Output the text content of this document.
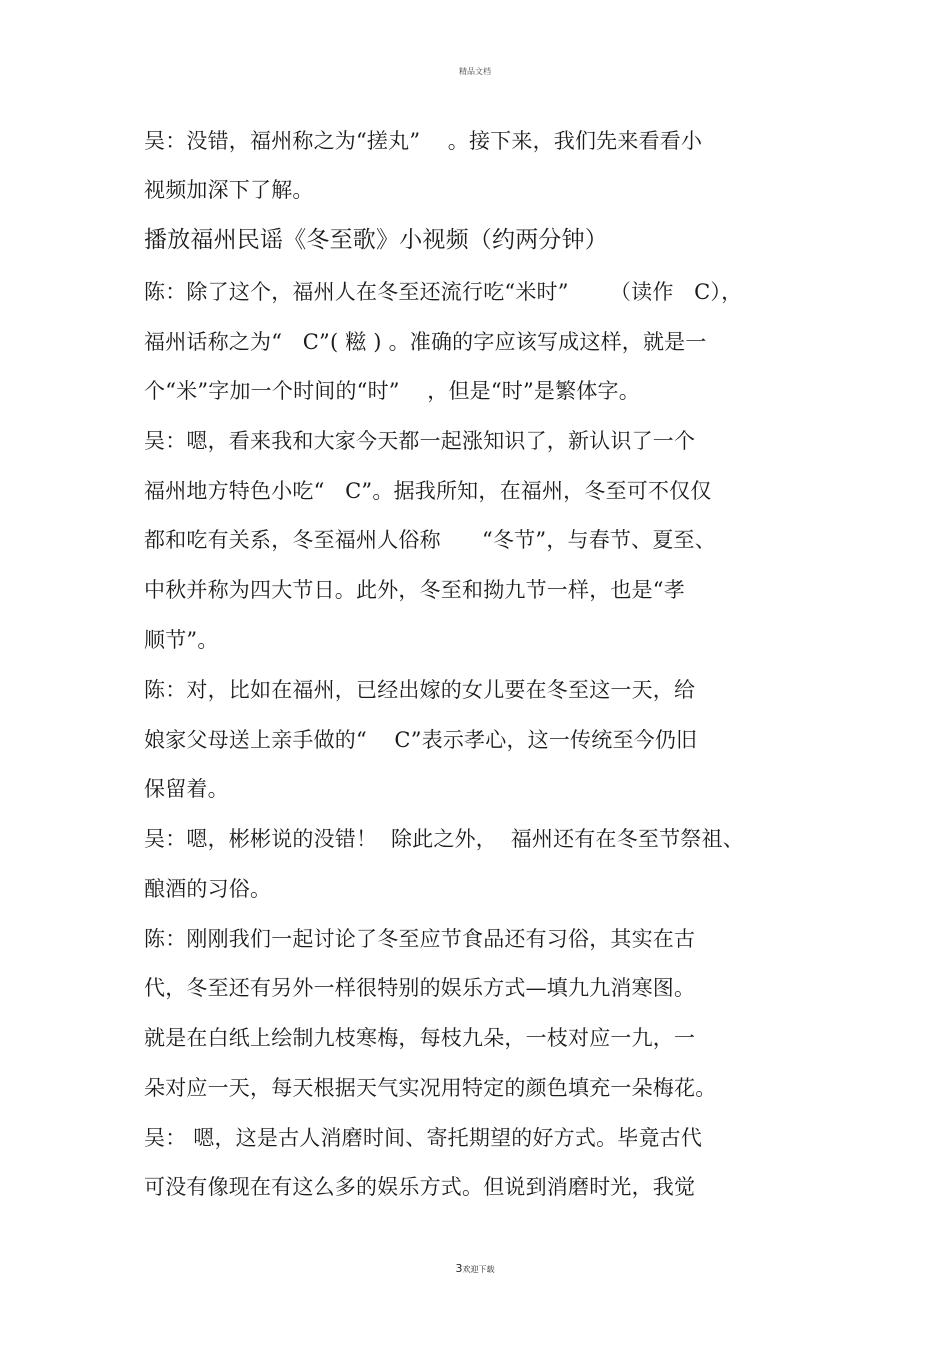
精品文档
吴：没错，福州称之为“搓丸”    。接下来，我们先来看看小
视频加深下了解。
播放福州民谣《冬至歌》小视频（约两分钟）
陈：除了这个，福州人在冬至还流行吃“米时”      （读作   C），
福州话称之为“   C”( 糍 ) 。准确的字应该写成这样，就是一
个“米”字加一个时间的“时”    ，但是“时”是繁体字。
吴：嗯，看来我和大家今天都一起涨知识了，新认识了一个
福州地方特色小吃“   C”。据我所知，在福州，冬至可不仅仅
都和吃有关系，冬至福州人俗称      “冬节”，与春节、夏至、
中秋并称为四大节日。此外，冬至和拗九节一样，也是“孝
顺节”。
陈：对，比如在福州，已经出嫁的女儿要在冬至这一天，给
娘家父母送上亲手做的“    C”表示孝心，这一传统至今仍旧
保留着。
吴：嗯，彬彬说的没错！  除此之外，  福州还有在冬至节祭祖、
酿酒的习俗。
陈：刚刚我们一起讨论了冬至应节食品还有习俗，其实在古
代，冬至还有另外一样很特别的娱乐方式—填九九消寒图。
就是在白纸上绘制九枝寒梅，每枝九朵，一枝对应一九，一
朵对应一天，每天根据天气实况用特定的颜色填充一朵梅花。
吴： 嗯，这是古人消磨时间、寄托期望的好方式。毕竟古代
可没有像现在有这么多的娱乐方式。但说到消磨时光，我觉
3欢迎下载
